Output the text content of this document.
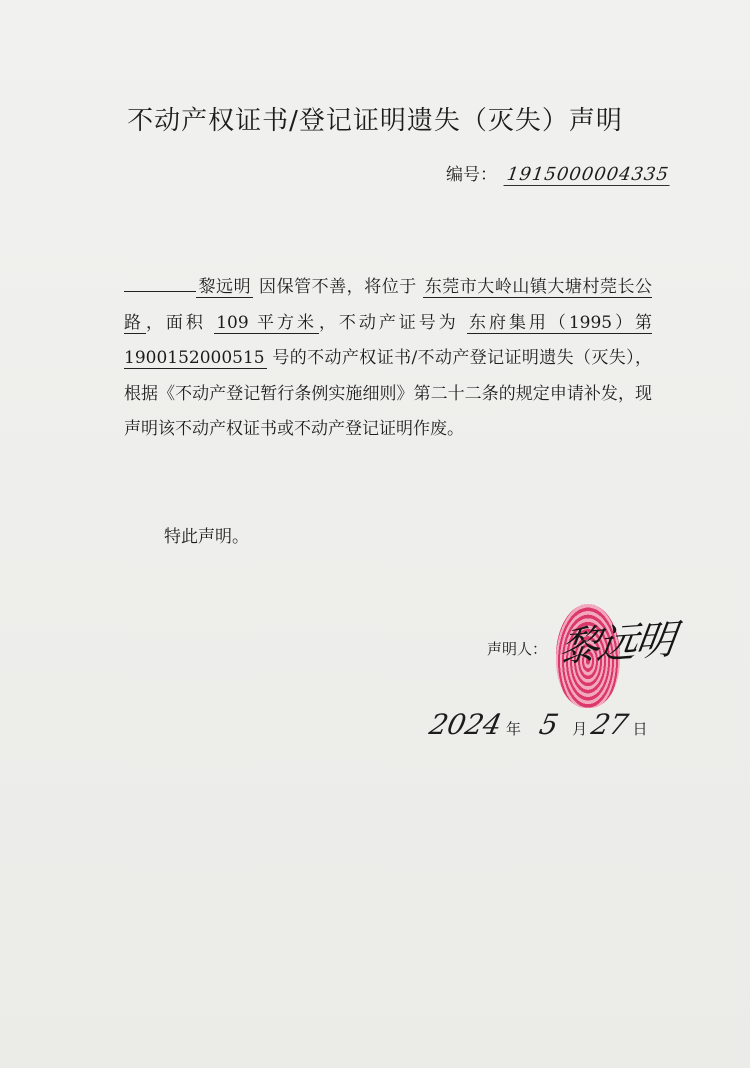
不动产权证书/登记证明遗失（灭失）声明
编号： 1915000004335

黎远明 因保管不善，将位于 东莞市大岭山镇大塘村莞长公路 ，面积 109 平方米 ，不动产证号为 东府集用（1995）第 1900152000515 号的不动产权证书/不动产登记证明遗失（灭失），根据《不动产登记暂行条例实施细则》第二十二条的规定申请补发，现声明该不动产权证书或不动产登记证明作废。

特此声明。
声明人： 黎远明
2024 年 5 月 27 日
